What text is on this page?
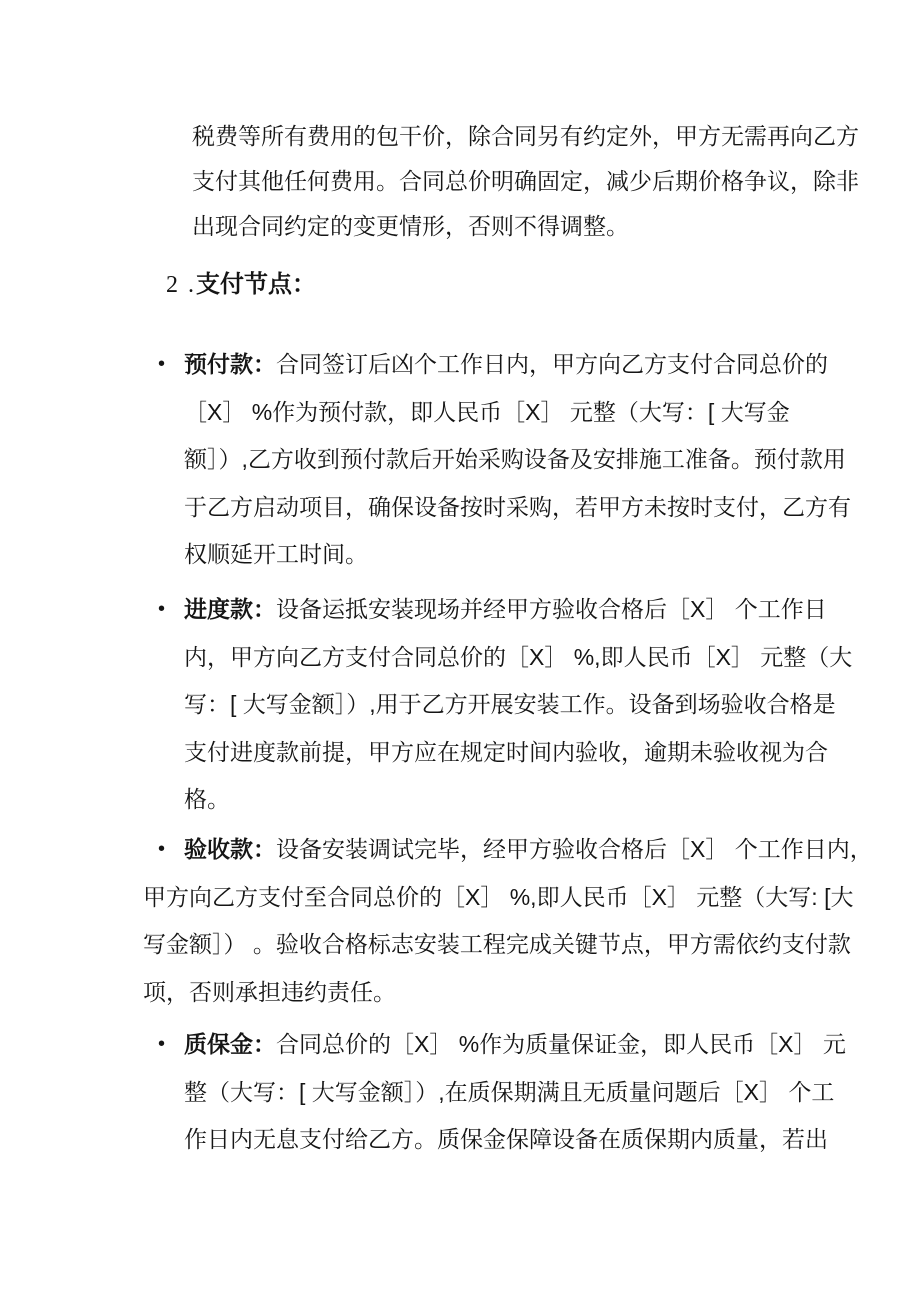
税费等所有费用的包干价，除合同另有约定外，甲方无需再向乙方
支付其他任何费用。合同总价明确固定，减少后期价格争议，除非
出现合同约定的变更情形，否则不得调整。
2 .支付节点：
• 预付款：合同签订后凶个工作日内，甲方向乙方支付合同总价的
［X］ %作为预付款，即人民币［X］ 元整（大写：[ 大写金
额］）,乙方收到预付款后开始采购设备及安排施工准备。预付款用
于乙方启动项目，确保设备按时采购，若甲方未按时支付，乙方有
权顺延开工时间。
• 进度款：设备运抵安装现场并经甲方验收合格后［X］ 个工作日
内，甲方向乙方支付合同总价的［X］ %,即人民币［X］ 元整（大
写：[ 大写金额］）,用于乙方开展安装工作。设备到场验收合格是
支付进度款前提，甲方应在规定时间内验收，逾期未验收视为合
格。
• 验收款：设备安装调试完毕，经甲方验收合格后［X］ 个工作日内，
甲方向乙方支付至合同总价的［X］ %,即人民币［X］ 元整（大写: [大
写金额］） 。验收合格标志安装工程完成关键节点，甲方需依约支付款
项，否则承担违约责任。
• 质保金：合同总价的［X］ %作为质量保证金，即人民币［X］ 元
整（大写：[ 大写金额］）,在质保期满且无质量问题后［X］ 个工
作日内无息支付给乙方。质保金保障设备在质保期内质量，若出
